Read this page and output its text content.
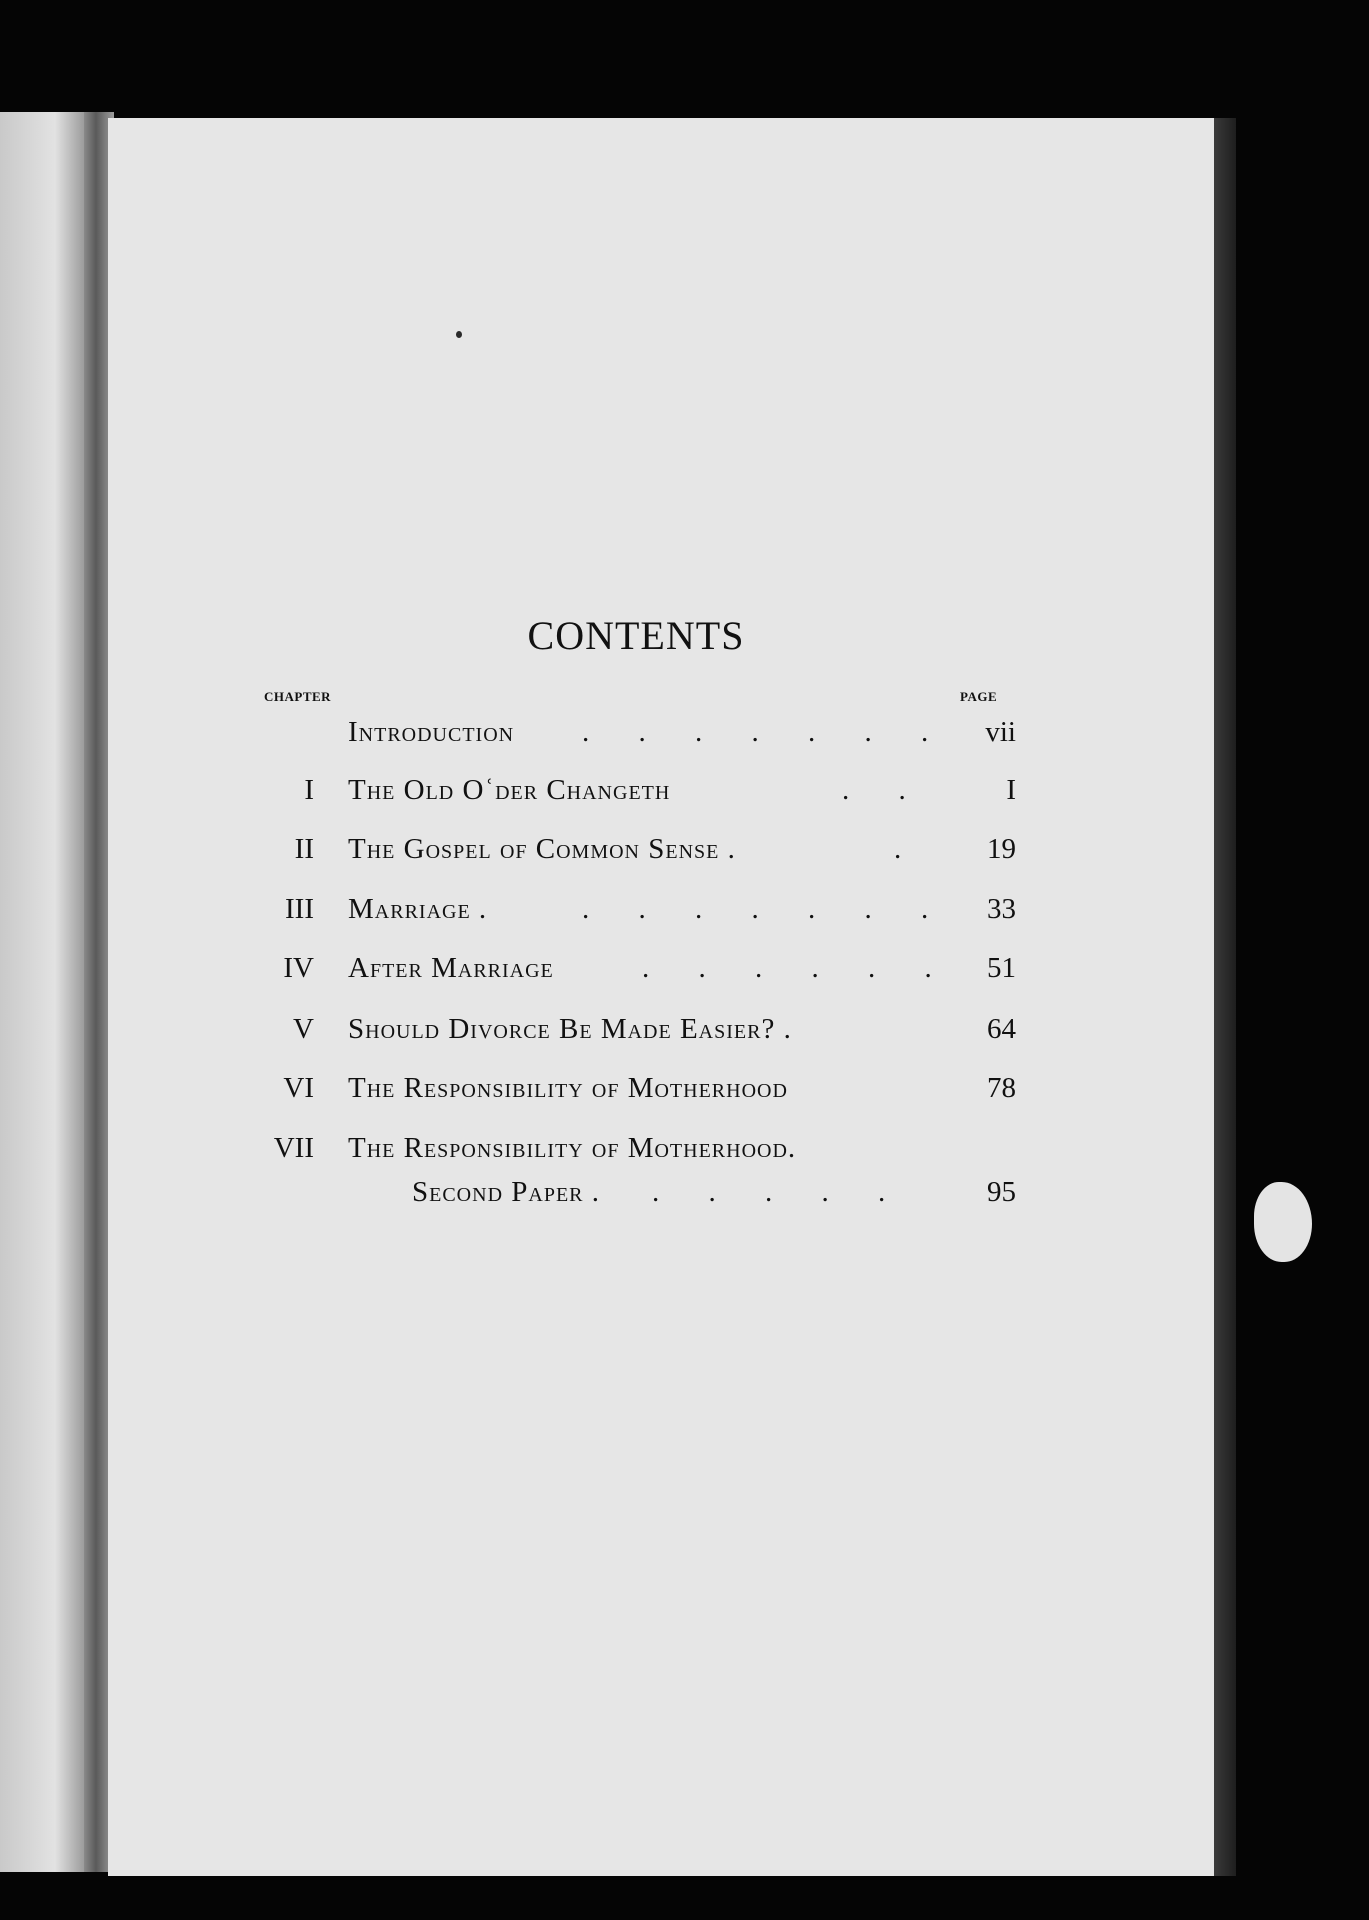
CONTENTS
CHAPTER	PAGE
Introduction . . . . . . .	vii
I The Old Oʿder Changeth	. .	I
II The Gospel of Common Sense .	.	19
III Marriage .	. . . . . . .	33
IV After Marriage	. . . . . .	51
V Should Divorce Be Made Easier? .	64
VI The Responsibility of Motherhood	78
VII The Responsibility of Motherhood.
Second Paper . . . . . .	95
